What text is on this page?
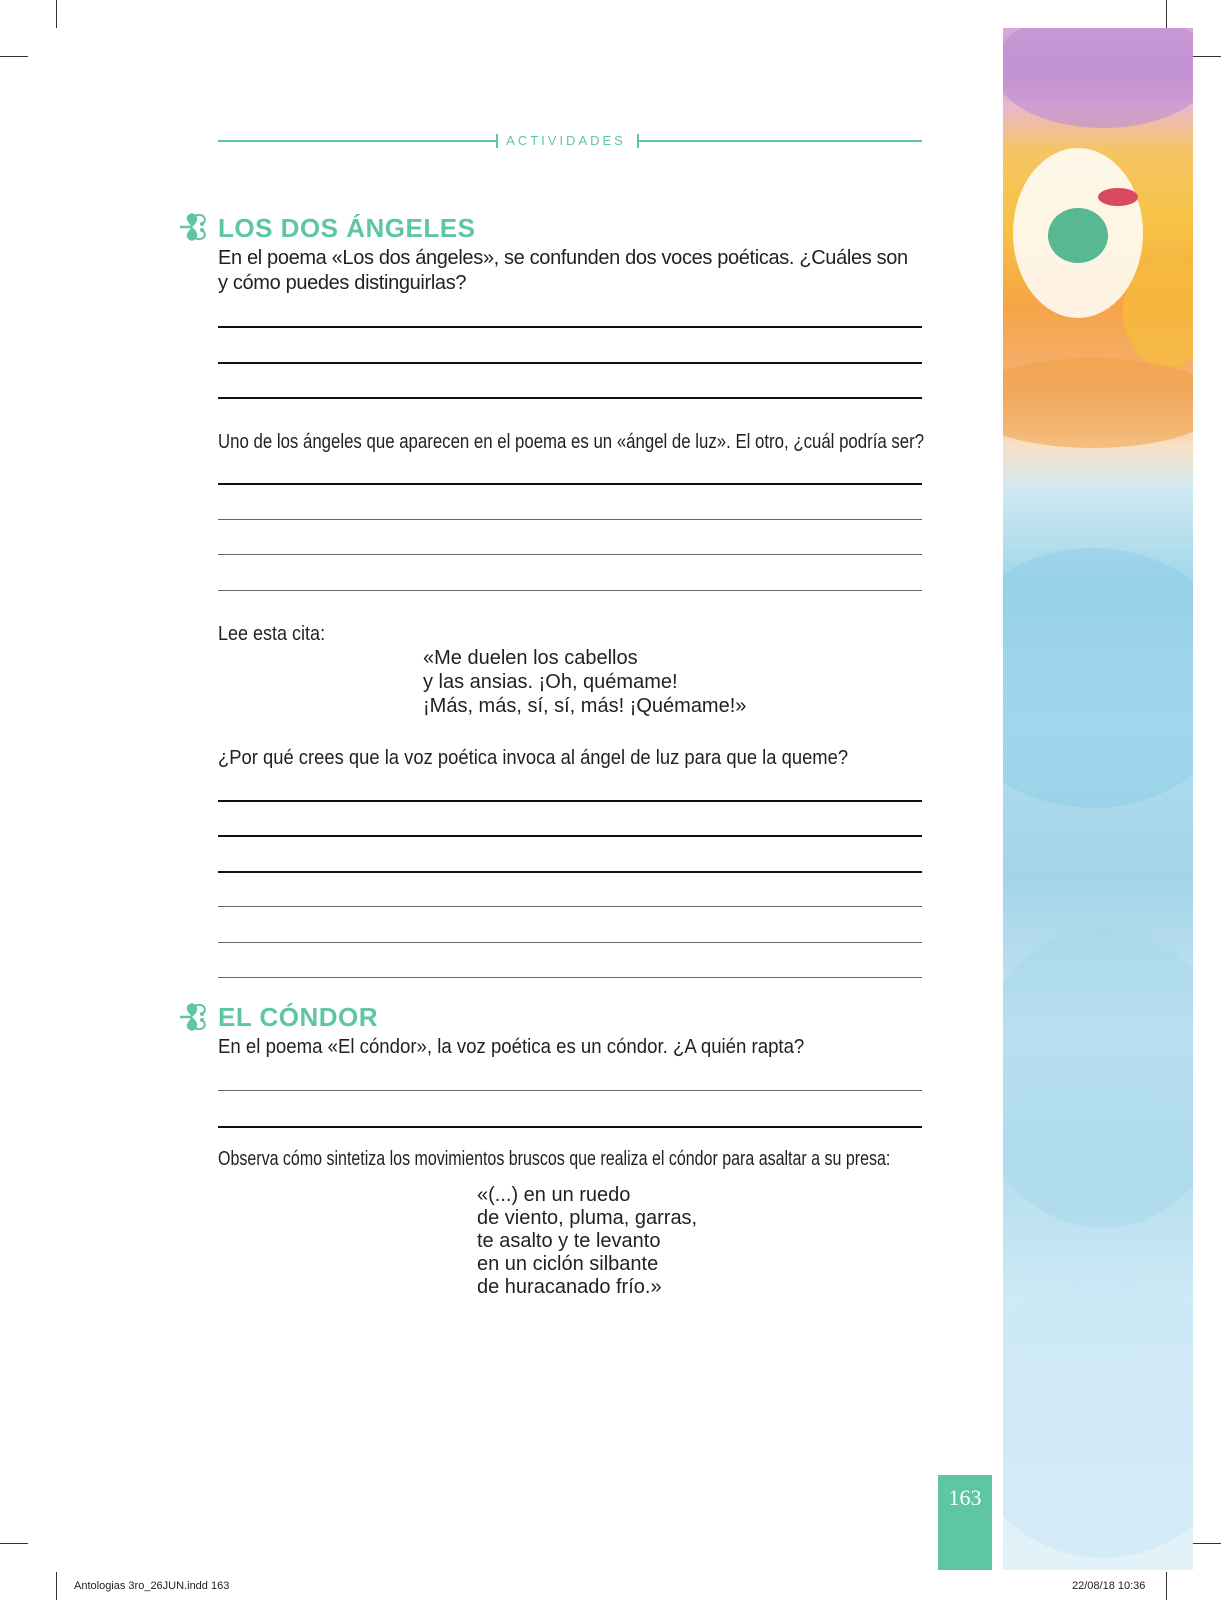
ACTIVIDADES
LOS DOS ÁNGELES
En el poema «Los dos ángeles», se confunden dos voces poéticas. ¿Cuáles son y cómo puedes distinguirlas?
Uno de los ángeles que aparecen en el poema es un «ángel de luz». El otro, ¿cuál podría ser?
Lee esta cita:
«Me duelen los cabellos
y las ansias. ¡Oh, quémame!
¡Más, más, sí, sí, más! ¡Quémame!»
¿Por qué crees que la voz poética invoca al ángel de luz para que la queme?
EL CÓNDOR
En el poema «El cóndor», la voz poética es un cóndor. ¿A quién rapta?
Observa cómo sintetiza los movimientos bruscos que realiza el cóndor para asaltar a su presa:
«(...) en un ruedo
de viento, pluma, garras,
te asalto y te levanto
en un ciclón silbante
de huracanado frío.»
163
Antologias 3ro_26JUN.indd 163	22/08/18 10:36
